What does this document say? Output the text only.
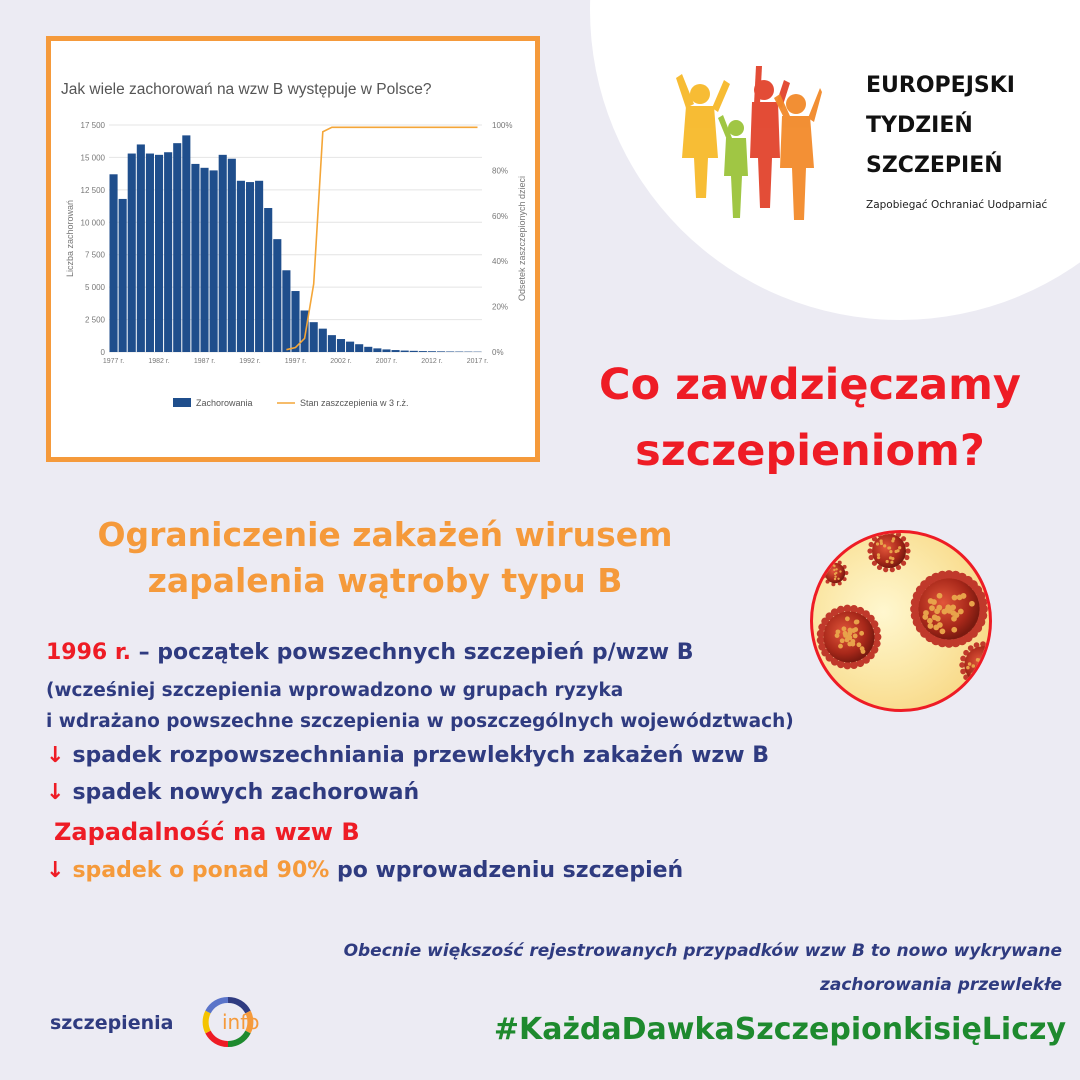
Jak wiele zachorowań na wzw B występuje w Polsce?
0
2 500
5 000
7 500
10 000
12 500
15 000
17 500
0%
20%
40%
60%
80%
100%
Liczba zachorowań	Odsetek zaszczepionych dzieci
1977 r.	1982 r.	1987 r.	1992 r.	1997 r.	2002 r.	2007 r.	2012 r.	2017 r.
Zachorowania	Stan zaszczepienia w 3 r.ż.
EUROPEJSKI
TYDZIEŃ
SZCZEPIEŃ
Zapobiegać Ochraniać Uodparniać
Co zawdzięczamy szczepieniom?
Ograniczenie zakażeń wirusem zapalenia wątroby typu B
1996 r. – początek powszechnych szczepień p/wzw B
(wcześniej szczepienia wprowadzono w grupach ryzyka
i wdrażano powszechne szczepienia w poszczególnych województwach)
↓ spadek rozpowszechniania przewlekłych zakażeń wzw B
↓ spadek nowych zachorowań
Zapadalność na wzw B
↓ spadek o ponad 90% po wprowadzeniu szczepień
Obecnie większość rejestrowanych przypadków wzw B to nowo wykrywane zachorowania przewlekłe
szczepienia info	#KażdaDawkaSzczepionkisięLiczy
